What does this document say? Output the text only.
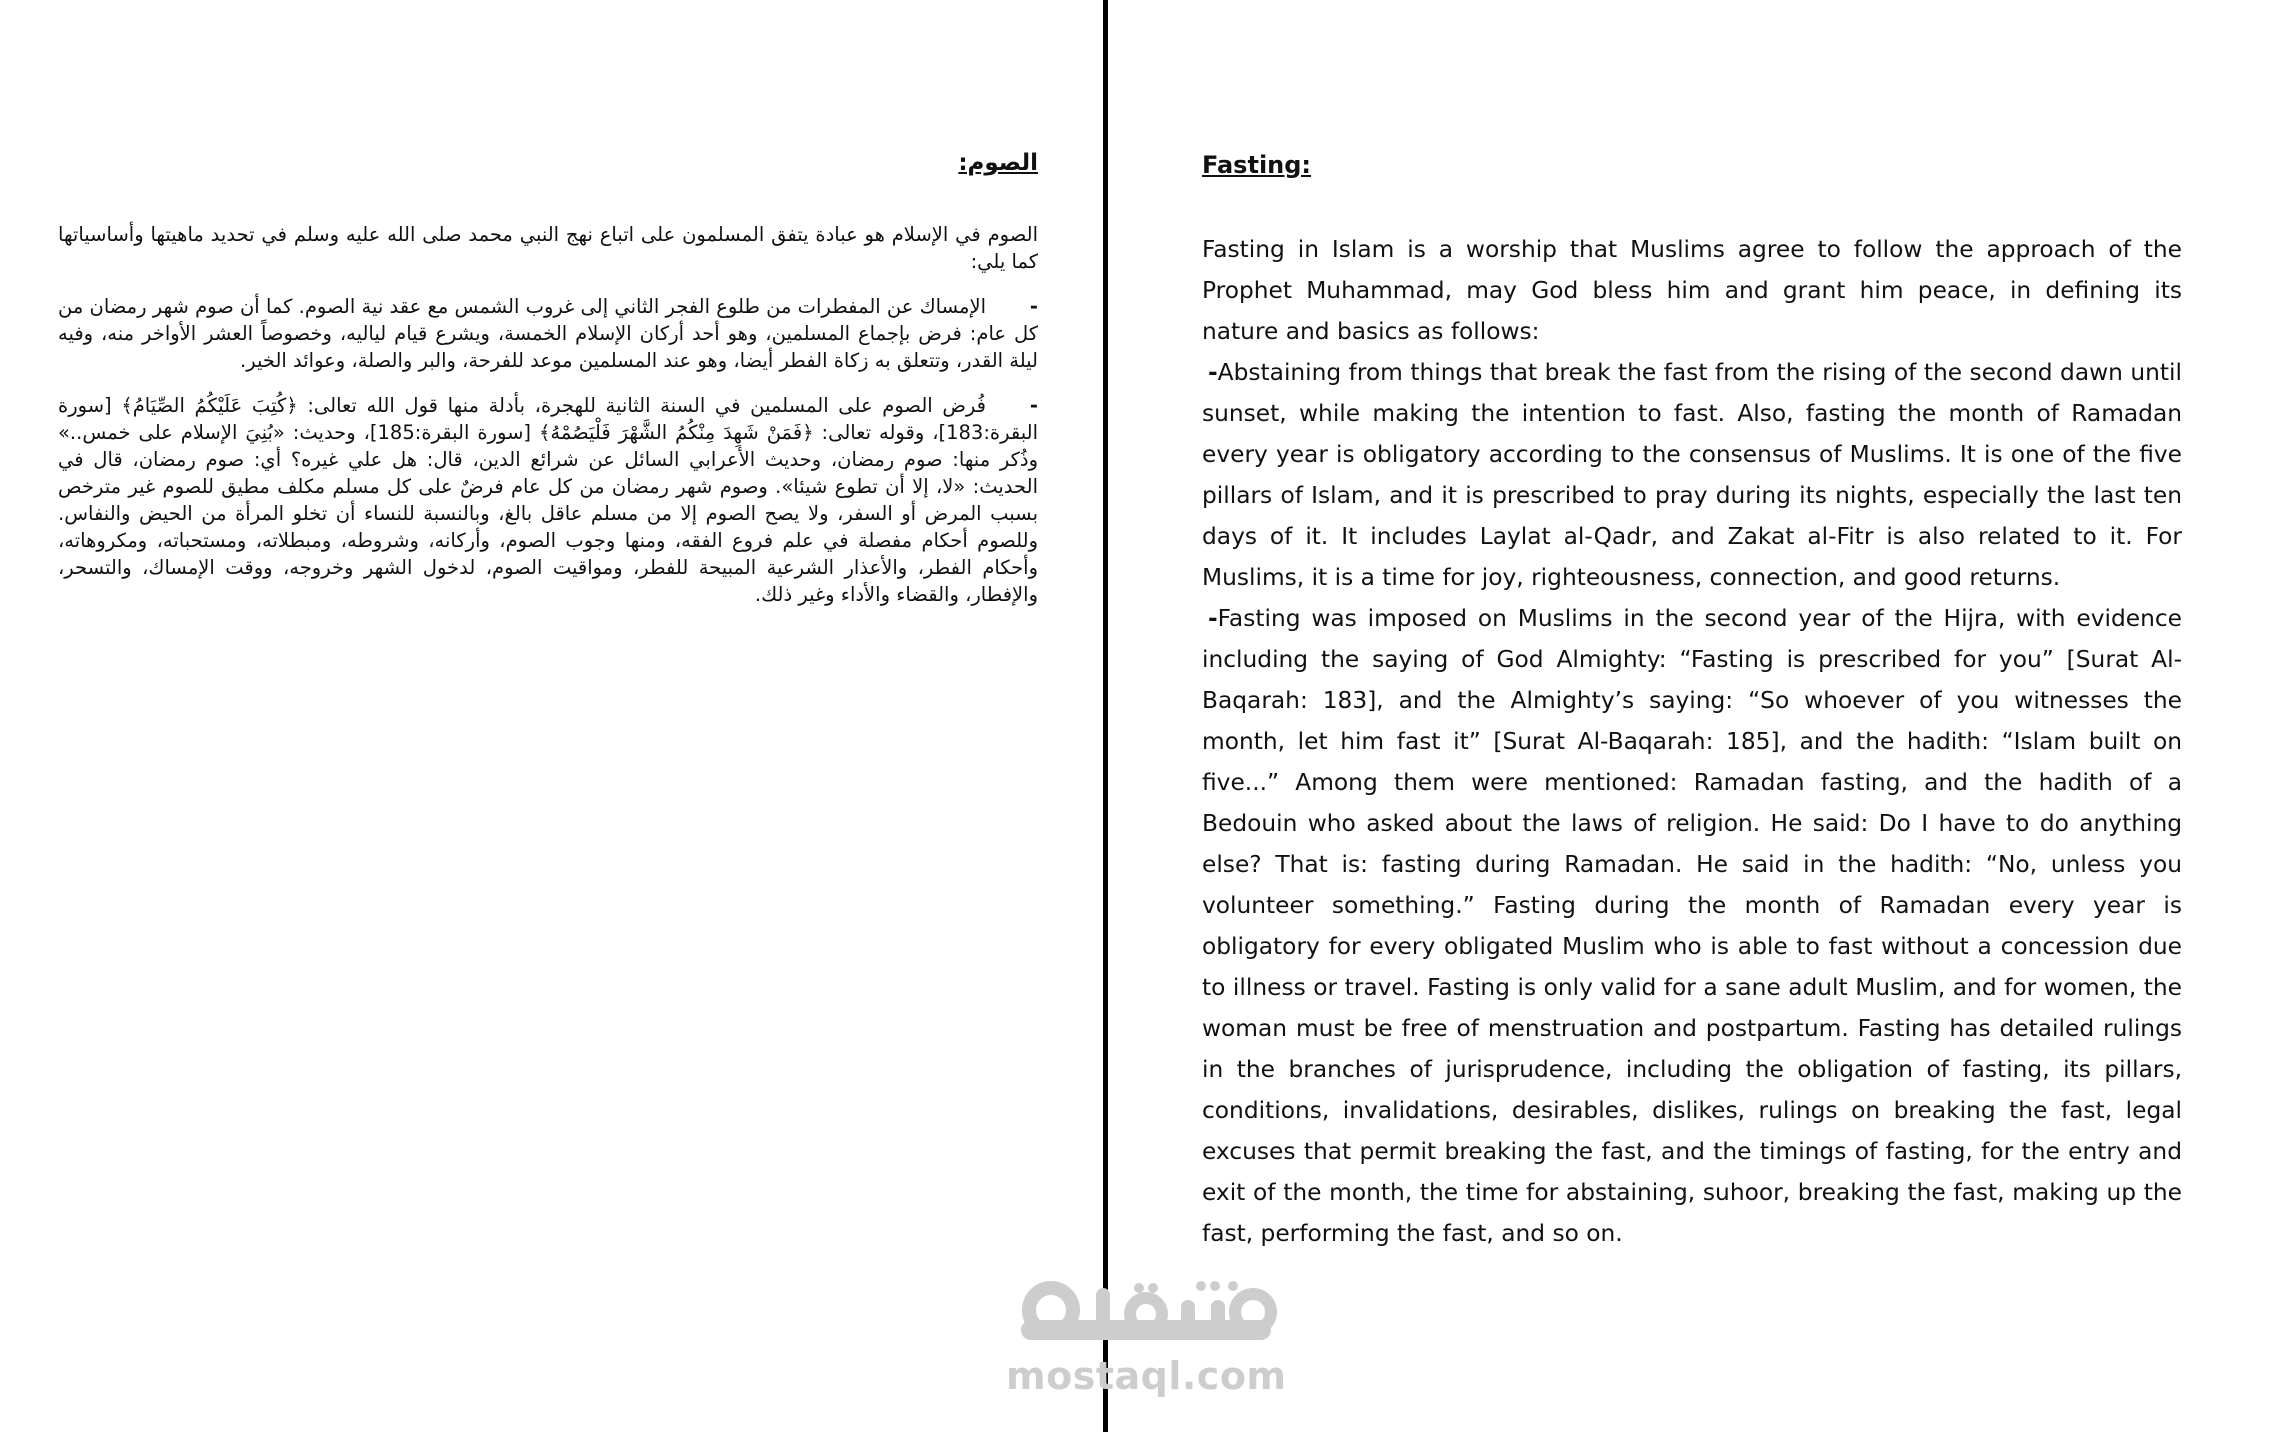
الصوم:

الصوم في الإسلام هو عبادة يتفق المسلمون على اتباع نهج النبي محمد صلى الله عليه وسلم في تحديد ماهيتها وأساسياتها كما يلي:

-الإمساك عن المفطرات من طلوع الفجر الثاني إلى غروب الشمس مع عقد نية الصوم. كما أن صوم شهر رمضان من كل عام: فرض بإجماع المسلمين، وهو أحد أركان الإسلام الخمسة، ويشرع قيام لياليه، وخصوصاً العشر الأواخر منه، وفيه ليلة القدر، وتتعلق به زكاة الفطر أيضا، وهو عند المسلمين موعد للفرحة، والبر والصلة، وعوائد الخير.

-فُرض الصوم على المسلمين في السنة الثانية للهجرة، بأدلة منها قول الله تعالى: ﴿كُتِبَ عَلَيْكُمُ الصِّيَامُ﴾ [سورة البقرة:183]، وقوله تعالى: ﴿فَمَنْ شَهِدَ مِنْكُمُ الشَّهْرَ فَلْيَصُمْهُ﴾ [سورة البقرة:185]، وحديث: «بُنِيَ الإسلام على خمس..» وذُكر منها: صوم رمضان، وحديث الأعرابي السائل عن شرائع الدين، قال: هل علي غيره؟ أي: صوم رمضان، قال في الحديث: «لا، إلا أن تطوع شيئا». وصوم شهر رمضان من كل عام فرضٌ على كل مسلم مكلف مطيق للصوم غير مترخص بسبب المرض أو السفر، ولا يصح الصوم إلا من مسلم عاقل بالغ، وبالنسبة للنساء أن تخلو المرأة من الحيض والنفاس. وللصوم أحكام مفصلة في علم فروع الفقه، ومنها وجوب الصوم، وأركانه، وشروطه، ومبطلاته، ومستحباته، ومكروهاته، وأحكام الفطر، والأعذار الشرعية المبيحة للفطر، ومواقيت الصوم، لدخول الشهر وخروجه، ووقت الإمساك، والتسحر، والإفطار، والقضاء والأداء وغير ذلك.

Fasting:

Fasting in Islam is a worship that Muslims agree to follow the approach of the Prophet Muhammad, may God bless him and grant him peace, in defining its nature and basics as follows:

-Abstaining from things that break the fast from the rising of the second dawn until sunset, while making the intention to fast. Also, fasting the month of Ramadan every year is obligatory according to the consensus of Muslims. It is one of the five pillars of Islam, and it is prescribed to pray during its nights, especially the last ten days of it. It includes Laylat al-Qadr, and Zakat al-Fitr is also related to it. For Muslims, it is a time for joy, righteousness, connection, and good returns.

-Fasting was imposed on Muslims in the second year of the Hijra, with evidence including the saying of God Almighty: “Fasting is prescribed for you” [Surat Al-Baqarah: 183], and the Almighty’s saying: “So whoever of you witnesses the month, let him fast it” [Surat Al-Baqarah: 185], and the hadith: “Islam built on five...” Among them were mentioned: Ramadan fasting, and the hadith of a Bedouin who asked about the laws of religion. He said: Do I have to do anything else? That is: fasting during Ramadan. He said in the hadith: “No, unless you volunteer something.” Fasting during the month of Ramadan every year is obligatory for every obligated Muslim who is able to fast without a concession due to illness or travel. Fasting is only valid for a sane adult Muslim, and for women, the woman must be free of menstruation and postpartum. Fasting has detailed rulings in the branches of jurisprudence, including the obligation of fasting, its pillars, conditions, invalidations, desirables, dislikes, rulings on breaking the fast, legal excuses that permit breaking the fast, and the timings of fasting, for the entry and exit of the month, the time for abstaining, suhoor, breaking the fast, making up the fast, performing the fast, and so on.

mostaql.com
